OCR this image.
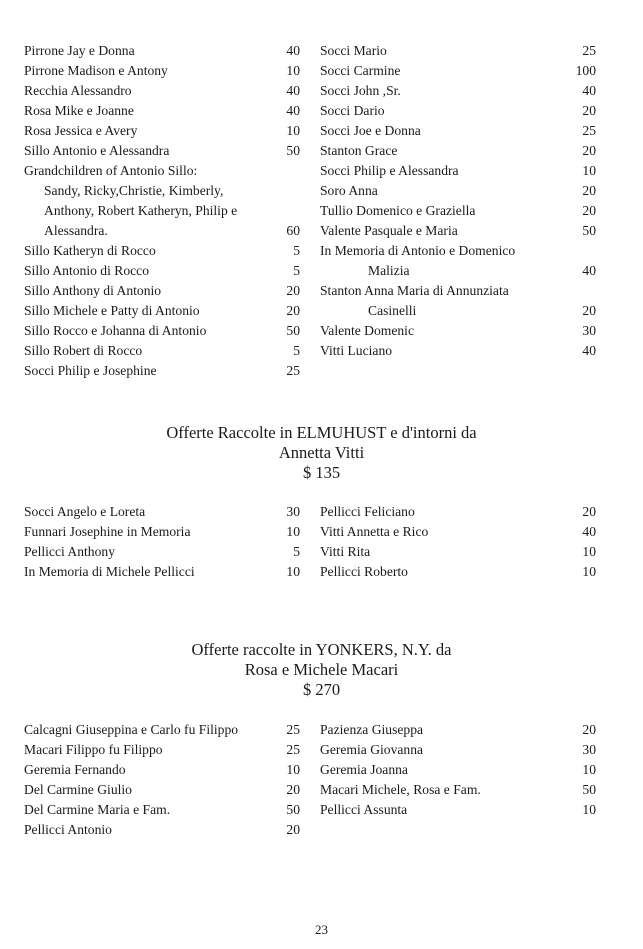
Pirrone Jay e Donna	40
Pirrone Madison e Antony	10
Recchia Alessandro	40
Rosa Mike e Joanne	40
Rosa Jessica e Avery	10
Sillo Antonio e Alessandra	50
Grandchildren of Antonio Sillo:
Sandy, Ricky,Christie, Kimberly,
Anthony, Robert Katheryn, Philip e
Alessandra.	60
Sillo Katheryn di Rocco	5
Sillo Antonio di Rocco	5
Sillo Anthony di Antonio	20
Sillo Michele e Patty di Antonio	20
Sillo Rocco e Johanna di Antonio	50
Sillo Robert di Rocco	5
Socci Philip e Josephine	25
Socci Mario	25
Socci Carmine	100
Socci John ,Sr.	40
Socci Dario	20
Socci Joe e Donna	25
Stanton Grace	20
Socci Philip e Alessandra	10
Soro Anna	20
Tullio Domenico e Graziella	20
Valente Pasquale e Maria	50
In Memoria di Antonio e Domenico
Malizia	40
Stanton Anna Maria di Annunziata
Casinelli	20
Valente Domenic	30
Vitti Luciano	40
Offerte Raccolte in ELMUHUST e d'intorni da
Annetta Vitti
$ 135
Socci Angelo e Loreta	30
Funnari Josephine in Memoria	10
Pellicci Anthony	5
In Memoria di Michele Pellicci	10
Pellicci Feliciano	20
Vitti Annetta e Rico	40
Vitti Rita	10
Pellicci Roberto	10
Offerte raccolte in YONKERS, N.Y. da
Rosa e Michele Macari
$ 270
Calcagni Giuseppina e Carlo fu Filippo	25
Macari Filippo fu Filippo	25
Geremia Fernando	10
Del Carmine Giulio	20
Del Carmine Maria e Fam.	50
Pellicci Antonio	20
Pazienza Giuseppa	20
Geremia Giovanna	30
Geremia Joanna	10
Macari Michele, Rosa e Fam.	50
Pellicci Assunta	10
23
